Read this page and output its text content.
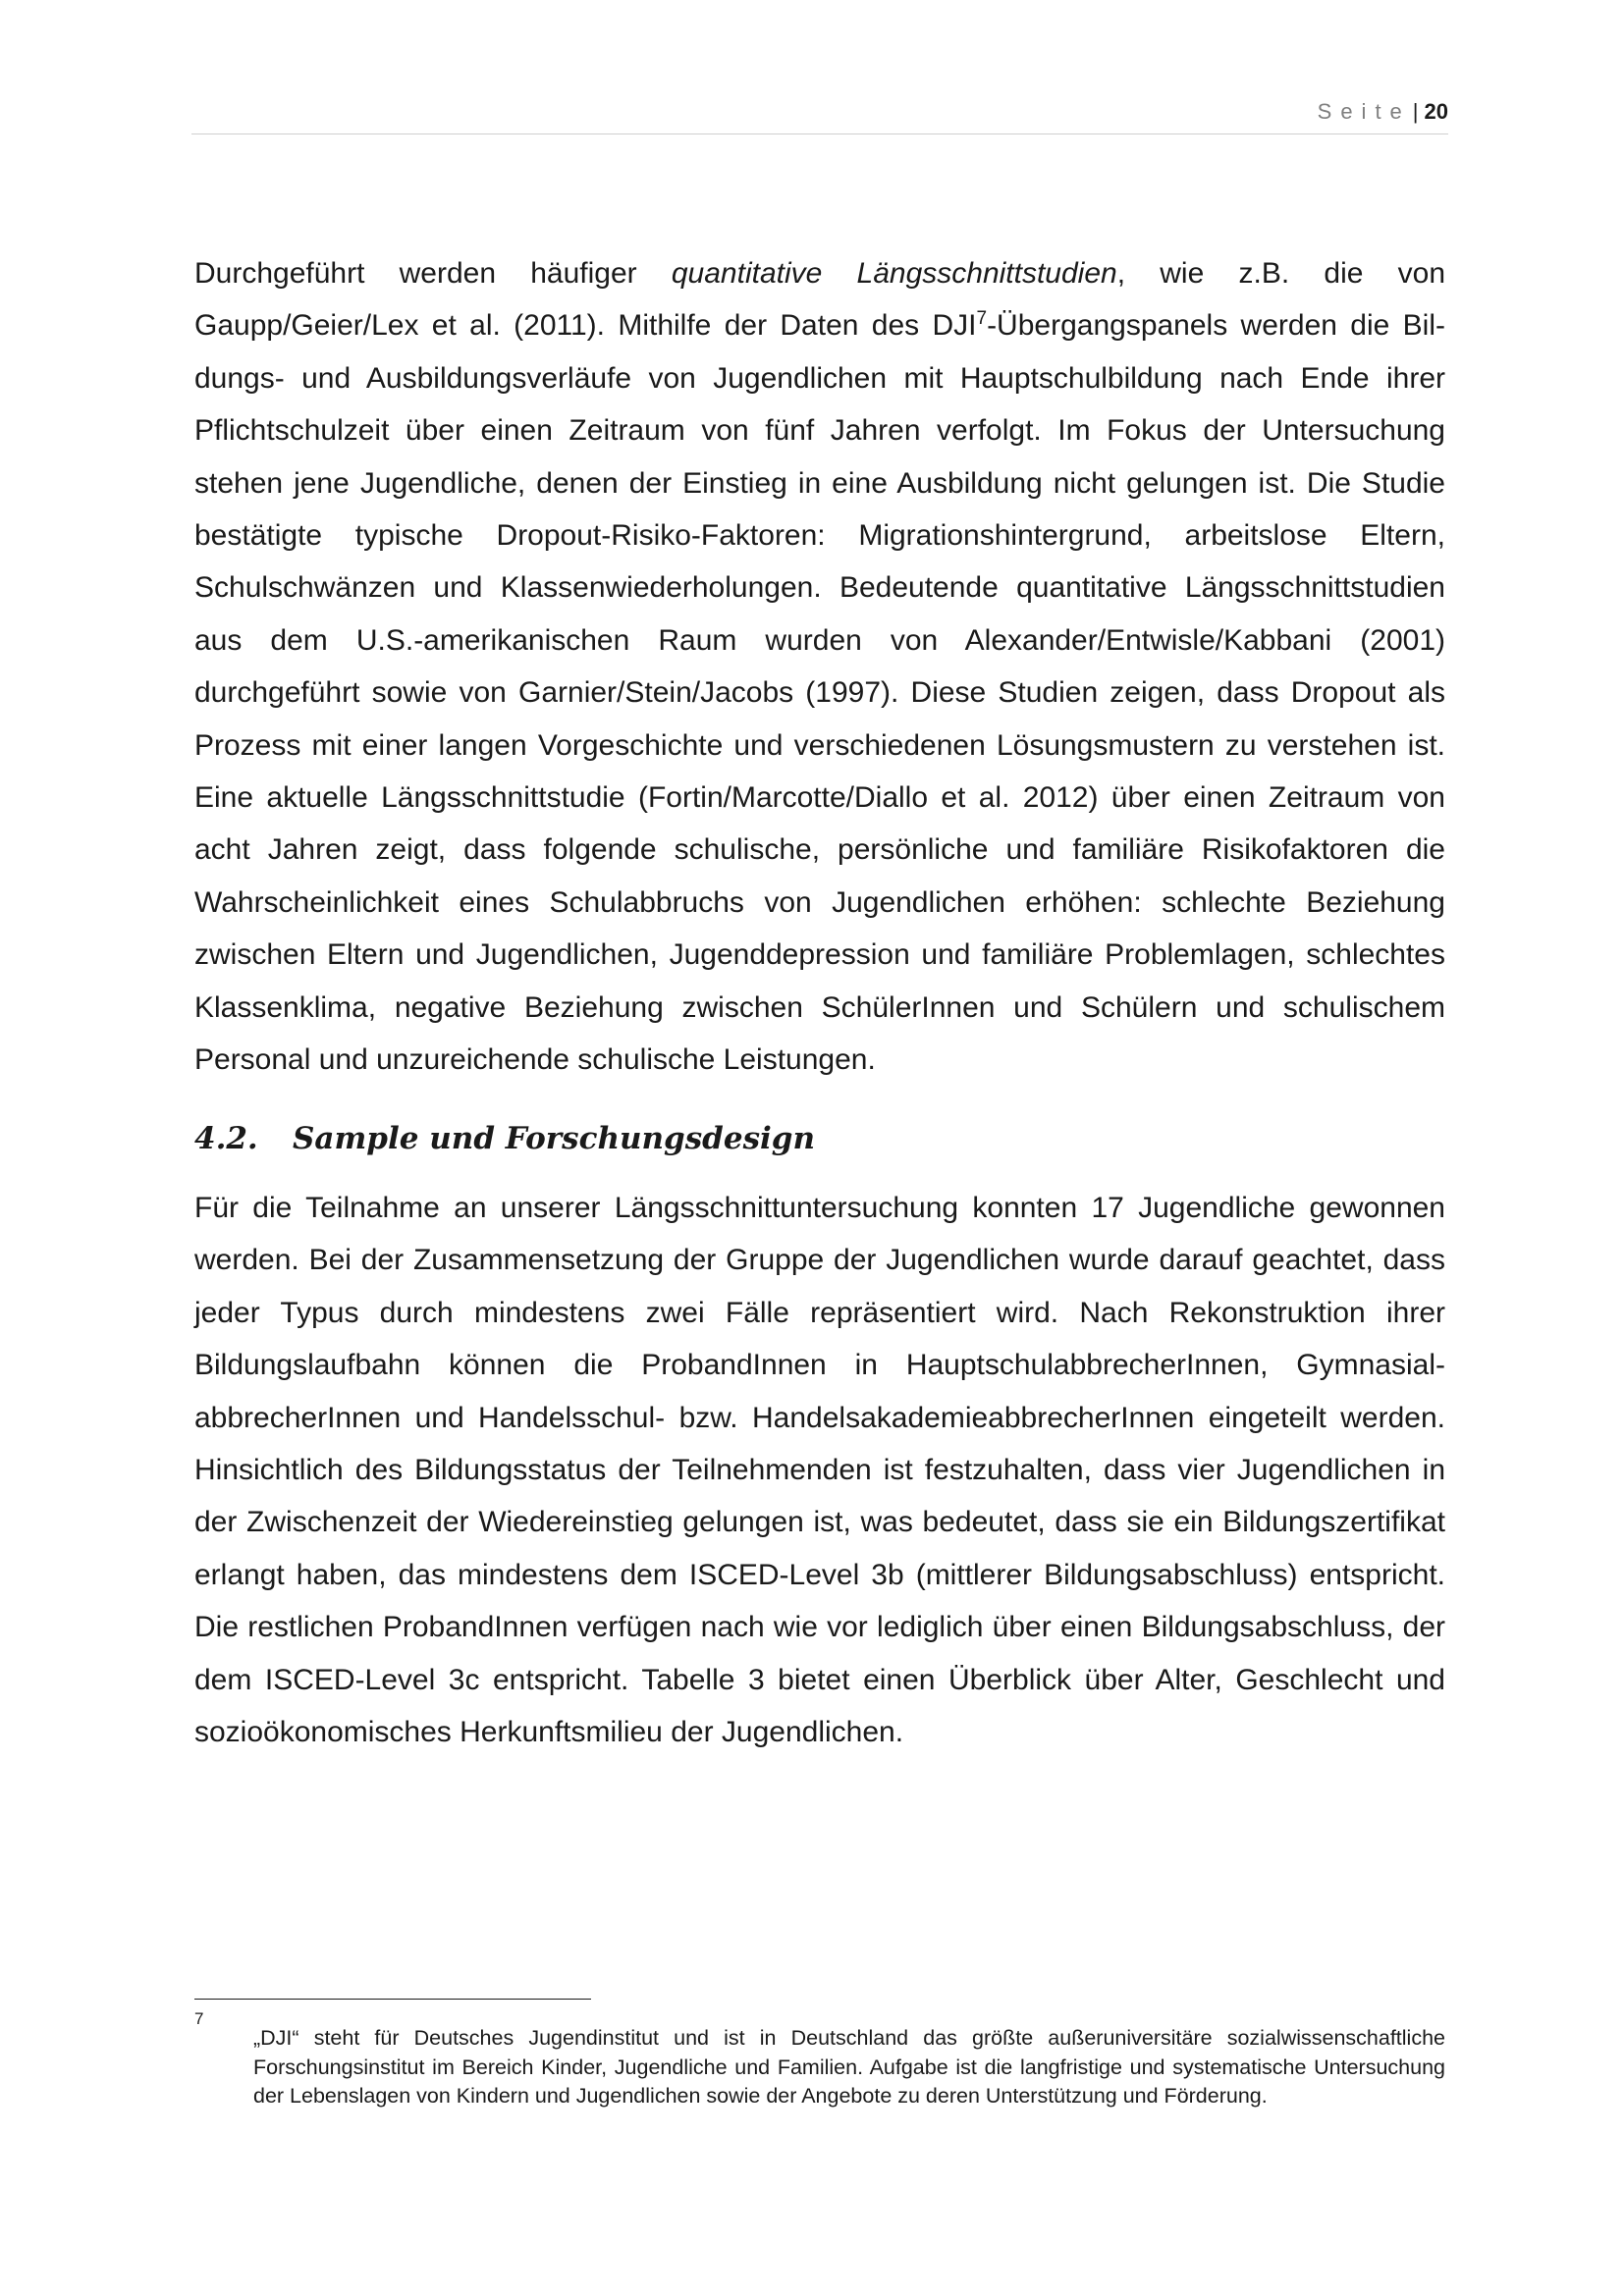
Seite| 20

Durchgeführt werden häufiger quantitative Längsschnittstudien, wie z.B. die von Gaupp/Geier/Lex et al. (2011). Mithilfe der Daten des DJI$^7$-Übergangspanels werden die Bildungs- und Ausbildungsverläufe von Jugendlichen mit Hauptschulbildung nach Ende ihrer Pflichtschulzeit über einen Zeitraum von fünf Jahren verfolgt. Im Fokus der Untersuchung stehen jene Jugendliche, denen der Einstieg in eine Ausbildung nicht gelungen ist. Die Studie bestätigte typische Dropout-Risiko-Faktoren: Migrationshintergrund, arbeitslose Eltern, Schulschwänzen und Klassenwiederholungen. Bedeutende quantitative Längsschnittstudien aus dem U.S.-amerikanischen Raum wurden von Alexander/Entwisle/Kabbani (2001) durchgeführt sowie von Garnier/Stein/Jacobs (1997). Diese Studien zeigen, dass Dropout als Prozess mit einer langen Vorgeschichte und verschiedenen Lösungsmustern zu verstehen ist. Eine aktuelle Längsschnittstudie (Fortin/Marcotte/Diallo et al. 2012) über einen Zeitraum von acht Jahren zeigt, dass folgende schulische, persönliche und familiäre Risikofaktoren die Wahrscheinlichkeit eines Schulabbruchs von Jugendlichen erhöhen: schlechte Beziehung zwischen Eltern und Jugendlichen, Jugenddepression und familiäre Problemlagen, schlechtes Klassenklima, negative Beziehung zwischen SchülerInnen und Schülern und schulischem Personal und unzureichende schulische Leistungen.

4.2. Sample und Forschungsdesign

Für die Teilnahme an unserer Längsschnittuntersuchung konnten 17 Jugendliche gewonnen werden. Bei der Zusammensetzung der Gruppe der Jugendlichen wurde darauf geachtet, dass jeder Typus durch mindestens zwei Fälle repräsentiert wird. Nach Rekonstruktion ihrer Bildungslaufbahn können die ProbandInnen in HauptschulabbrecherInnen, GymnasialabbrecherInnen und Handelsschul- bzw. HandelsakademieabbrecherInnen eingeteilt werden. Hinsichtlich des Bildungsstatus der Teilnehmenden ist festzuhalten, dass vier Jugendlichen in der Zwischenzeit der Wiedereinstieg gelungen ist, was bedeutet, dass sie ein Bildungszertifikat erlangt haben, das mindestens dem ISCED-Level 3b (mittlerer Bildungsabschluss) entspricht. Die restlichen ProbandInnen verfügen nach wie vor lediglich über einen Bildungsabschluss, der dem ISCED-Level 3c entspricht. Tabelle 3 bietet einen Überblick über Alter, Geschlecht und sozioökonomisches Herkunftsmilieu der Jugendlichen.

7

„DJI“ steht für Deutsches Jugendinstitut und ist in Deutschland das größte außeruniversitäre sozialwissenschaftliche Forschungsinstitut im Bereich Kinder, Jugendliche und Familien. Aufgabe ist die langfristige und systematische Untersuchung der Lebenslagen von Kindern und Jugendlichen sowie der Angebote zu deren Unterstützung und Förderung.
